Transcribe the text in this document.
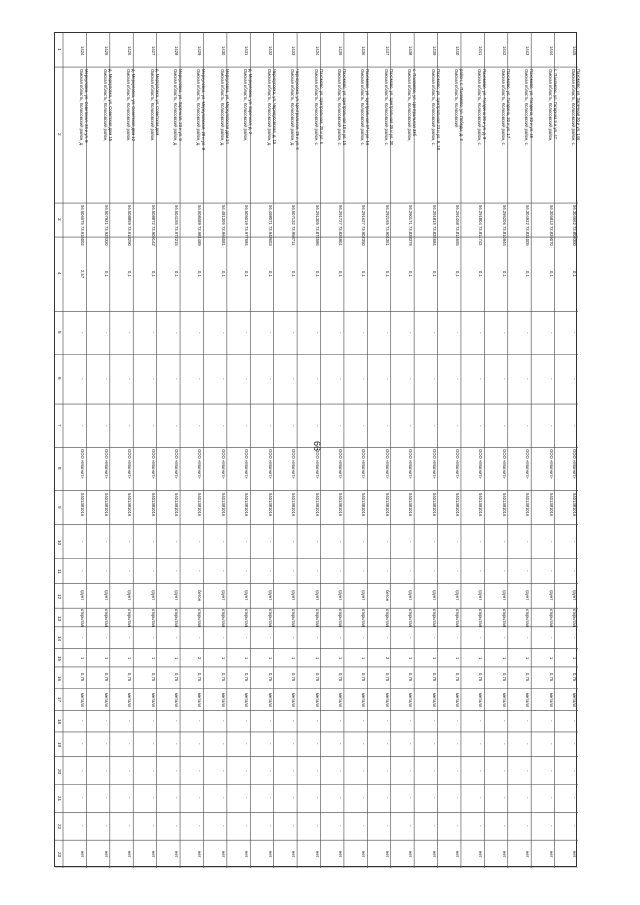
66
1
2
3
4
5
6
7
8
9
10
11
12
13
14
15
16
17
18
19
20
21
22
23
1424
Омская область, Колосовский район, д. Меркуловка, ул. Советская, 33 и ул. 8
56.506675 73.916002
2,57
ООО «Магнит»
5401381016
грунт
открытая
1
0,75
металл
нет
-
-
-
-
-
-
-
-
-
-
-
1425
Омская область, Колосовский район, д. Меркуловка, ул. Советская дом 15
56.507921 73.923320
0,1
ООО «Магнит»
5401381016
грунт
открытая
1
0,75
металл
нет
-
-
-
-
-
-
-
-
-
-
-
1426
Омская область, Колосовский район, д. Меркуловка, ул. Советская дом 12
56.508859 73.918290
0,1
ООО «Магнит»
5401381016
грунт
открытая
1
0,75
металл
нет
-
-
-
-
-
-
-
-
-
-
-
1427
Омская область, Колосовский район, д. Меркуловка, ул. Советская дом
56.508872 73.909142
0,1
ООО «Магнит»
5401381016
грунт
открытая
1
0,75
металл
нет
-
-
-
-
-
-
-
-
-
-
-
1428
Омская область, Колосовский район, д. Меркуловка, ул. Заречная, 23 и ул. 9
56.504155 73.972215
0,1
ООО «Магнит»
5401381016
грунт
открытая
1
0,75
металл
нет
-
-
-
-
-
-
-
-
-
-
-
1429
Омская область, Колосовский район, д. Меркуловка, ул. Меркуловская, 28 и ул. 8
56.508489 73.981489
0,1
ООО «Магнит»
5401381016
бетон
открытая
2
0,75
металл
нет
-
-
-
-
-
-
-
-
-
-
-
1430
Омская область, Колосовский район, д. Меркуловка, ул. Меркуловская дом 24
56.481305 73.966081
0,1
ООО «Магнит»
5401381016
грунт
открытая
1
0,75
металл
нет
-
-
-
-
-
-
-
-
-
-
-
1431
Омская область, Колосовский район, д. Меркуловка, ул. Заречная, д. 2
56.505019 73.977684
0,1
ООО «Магнит»
5401381016
грунт
открытая
1
0,75
металл
нет
-
-
-
-
-
-
-
-
-
-
-
1432
Омская область, Колосовский район, д. Черноусовка, ул. Черноусовская, д. 15
56.498071 73.948603
0,1
ООО «Магнит»
5401381016
грунт
открытая
1
0,75
металл
нет
-
-
-
-
-
-
-
-
-
-
-
1433
Омская область, Колосовский район, д. Черноусовка, ул. Центральная, 25 и ул. 6
56.507132 73.958711
0,1
ООО «Магнит»
5401381016
грунт
открытая
1
0,75
металл
нет
-
-
-
-
-
-
-
-
-
-
-
1434
Омская область, Колосовский район, с. Пахомово, ул. Центральная, 25 и ул. 6
56.291305 73.874586
0,1
ООО «Магнит»
5401381016
грунт
открытая
1
0,75
металл
нет
-
-
-
-
-
-
-
-
-
-
-
1435
Омская область, Колосовский район, с. Пахомово, ул. Центральная 10 и ул. 15
56.291727 73.826901
0,1
ООО «Магнит»
5401381016
грунт
открытая
1
0,75
металл
нет
-
-
-
-
-
-
-
-
-
-
-
1436
Омская область, Колосовский район, с. Пахомово, ул. Центральная 37 и ул. 16
56.291627 73.902350
0,1
ООО «Магнит»
5401381016
грунт
открытая
1
0,75
металл
нет
-
-
-
-
-
-
-
-
-
-
-
1437
Омская область, Колосовский район, с. Пахомово, ул. Центральная 35 и ул. 30
56.292165 73.904351
0,1
ООО «Магнит»
5401381016
бетон
открытая
2
0,75
металл
нет
-
-
-
-
-
-
-
-
-
-
-
1438
Омская область, Колосовский район, с. Пахомово, ул. Центральная 33б
56.290171 73.828379
0,1
ООО «Магнит»
5401381016
грунт
открытая
1
0,75
металл
нет
-
-
-
-
-
-
-
-
-
-
-
1439
Омская область, Колосовский район, с. Пахомово, ул. Центральная 23 и ул. 8, 18
56.291815 73.826684
0,1
ООО «Магнит»
5401381016
грунт
открытая
1
0,75
металл
нет
-
-
-
-
-
-
-
-
-
-
-
1440
Омская область, Колосовский район, с. Пахомово, ул. Победы, д. 3
56.291468 73.814665
0,1
ООО «Магнит»
5401381016
грунт
открытая
1
0,75
металл
нет
-
-
-
-
-
-
-
-
-
-
-
1441
Омская область, Колосовский район, с. Пахомово, ул. Гагарина 20 и ул. д. 8
56.291804 73.811742
0,1
ООО «Магнит»
5401381016
грунт
открытая
1
0,75
металл
нет
-
-
-
-
-
-
-
-
-
-
-
1442
Омская область, Колосовский район, с. Пахомово, ул. Гагарина, 20 и ул. 17
56.295206 73.810946
0,1
ООО «Магнит»
5401381016
грунт
открытая
1
0,75
металл
нет
-
-
-
-
-
-
-
-
-
-
-
1443
Омская область, Колосовский район, с. Пахомово, ул. Гагарина, 32 и ул. 45
56.304922 73.831005
0,1
ООО «Магнит»
5401381016
грунт
открытая
1
0,75
металл
нет
-
-
-
-
-
-
-
-
-
-
-
1444
Омская область, Колосовский район, с. Пахомово, ул. Гагарина 5 и ул. 47
56.305813 73.829070
0,1
ООО «Магнит»
5401381016
грунт
открытая
1
0,75
металл
нет
-
-
-
-
-
-
-
-
-
-
-
1445
Омская область, Колосовский район, с. Пахомово, ул. Заречная 30 и ул. 146
56.304662 73.808300
0,1
ООО «Магнит»
5401381016
грунт
открытая
1
0,75
металл
нет
-
-
-
-
-
-
-
-
-
-
-
